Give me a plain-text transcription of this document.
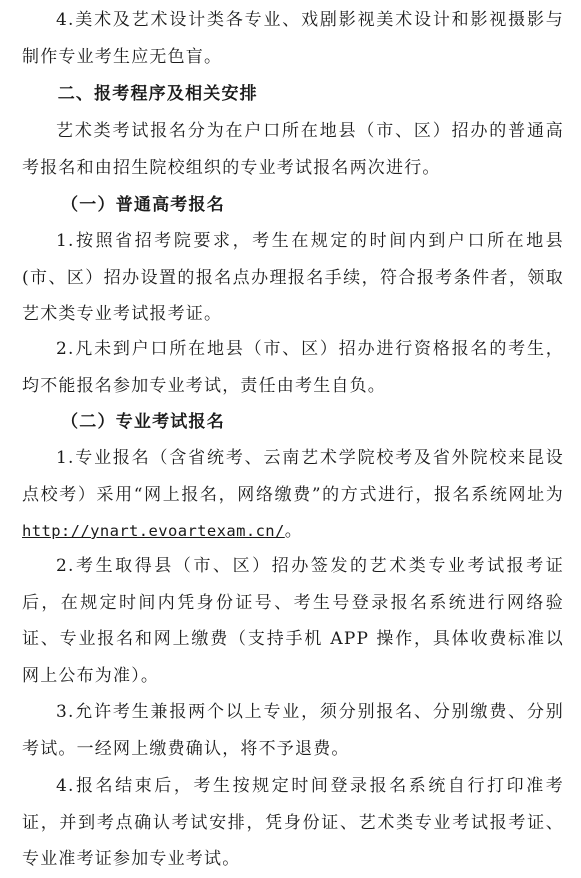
4.美术及艺术设计类各专业、戏剧影视美术设计和影视摄影与制作专业考生应无色盲。

二、报考程序及相关安排

艺术类考试报名分为在户口所在地县（市、区）招办的普通高考报名和由招生院校组织的专业考试报名两次进行。

（一）普通高考报名

1.按照省招考院要求，考生在规定的时间内到户口所在地县(市、区）招办设置的报名点办理报名手续，符合报考条件者，领取艺术类专业考试报考证。

2.凡未到户口所在地县（市、区）招办进行资格报名的考生，均不能报名参加专业考试，责任由考生自负。

（二）专业考试报名

1.专业报名（含省统考、云南艺术学院校考及省外院校来昆设点校考）采用“网上报名，网络缴费”的方式进行，报名系统网址为http://ynart.evoartexam.cn/。

2.考生取得县（市、区）招办签发的艺术类专业考试报考证后，在规定时间内凭身份证号、考生号登录报名系统进行网络验证、专业报名和网上缴费（支持手机 APP 操作，具体收费标准以网上公布为准）。

3.允许考生兼报两个以上专业，须分别报名、分别缴费、分别考试。一经网上缴费确认，将不予退费。

4.报名结束后，考生按规定时间登录报名系统自行打印准考证，并到考点确认考试安排，凭身份证、艺术类专业考试报考证、专业准考证参加专业考试。
